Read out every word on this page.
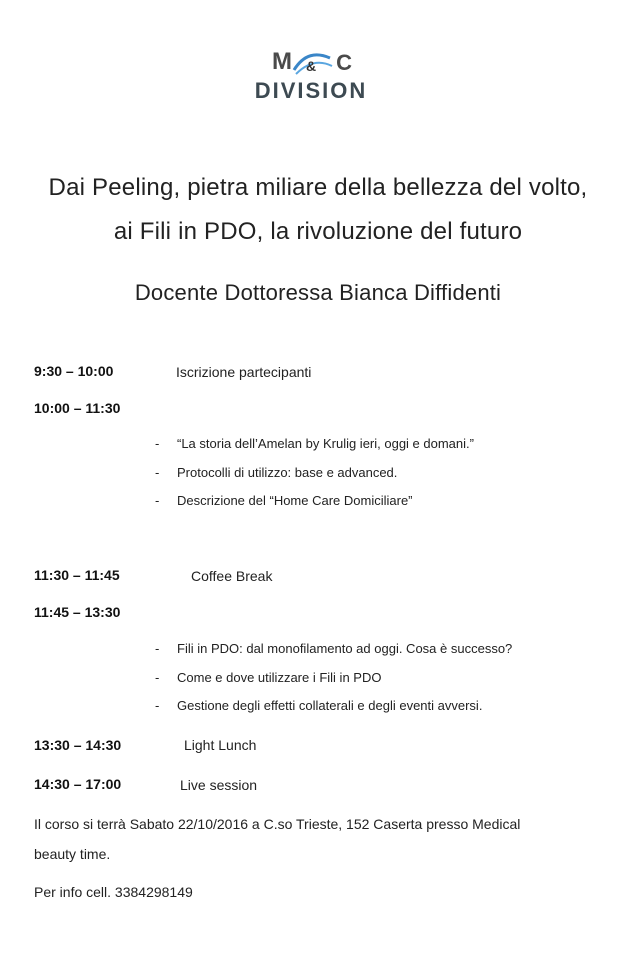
M & C
DIVISION
Dai Peeling, pietra miliare della bellezza del volto,
ai Fili in PDO, la rivoluzione del futuro
Docente Dottoressa Bianca Diffidenti
9:30 – 10:00	Iscrizione partecipanti
10:00 – 11:30
- “La storia dell’Amelan by Krulig ieri, oggi e domani.”
- Protocolli di utilizzo: base e advanced.
- Descrizione del “Home Care Domiciliare”
11:30 – 11:45	Coffee Break
11:45 – 13:30
- Fili in PDO: dal monofilamento ad oggi. Cosa è successo?
- Come e dove utilizzare i Fili in PDO
- Gestione degli effetti collaterali e degli eventi avversi.
13:30 – 14:30	Light Lunch
14:30 – 17:00	Live session
Il corso si terrà Sabato 22/10/2016 a C.so Trieste, 152 Caserta presso Medical
beauty time.
Per info cell. 3384298149
